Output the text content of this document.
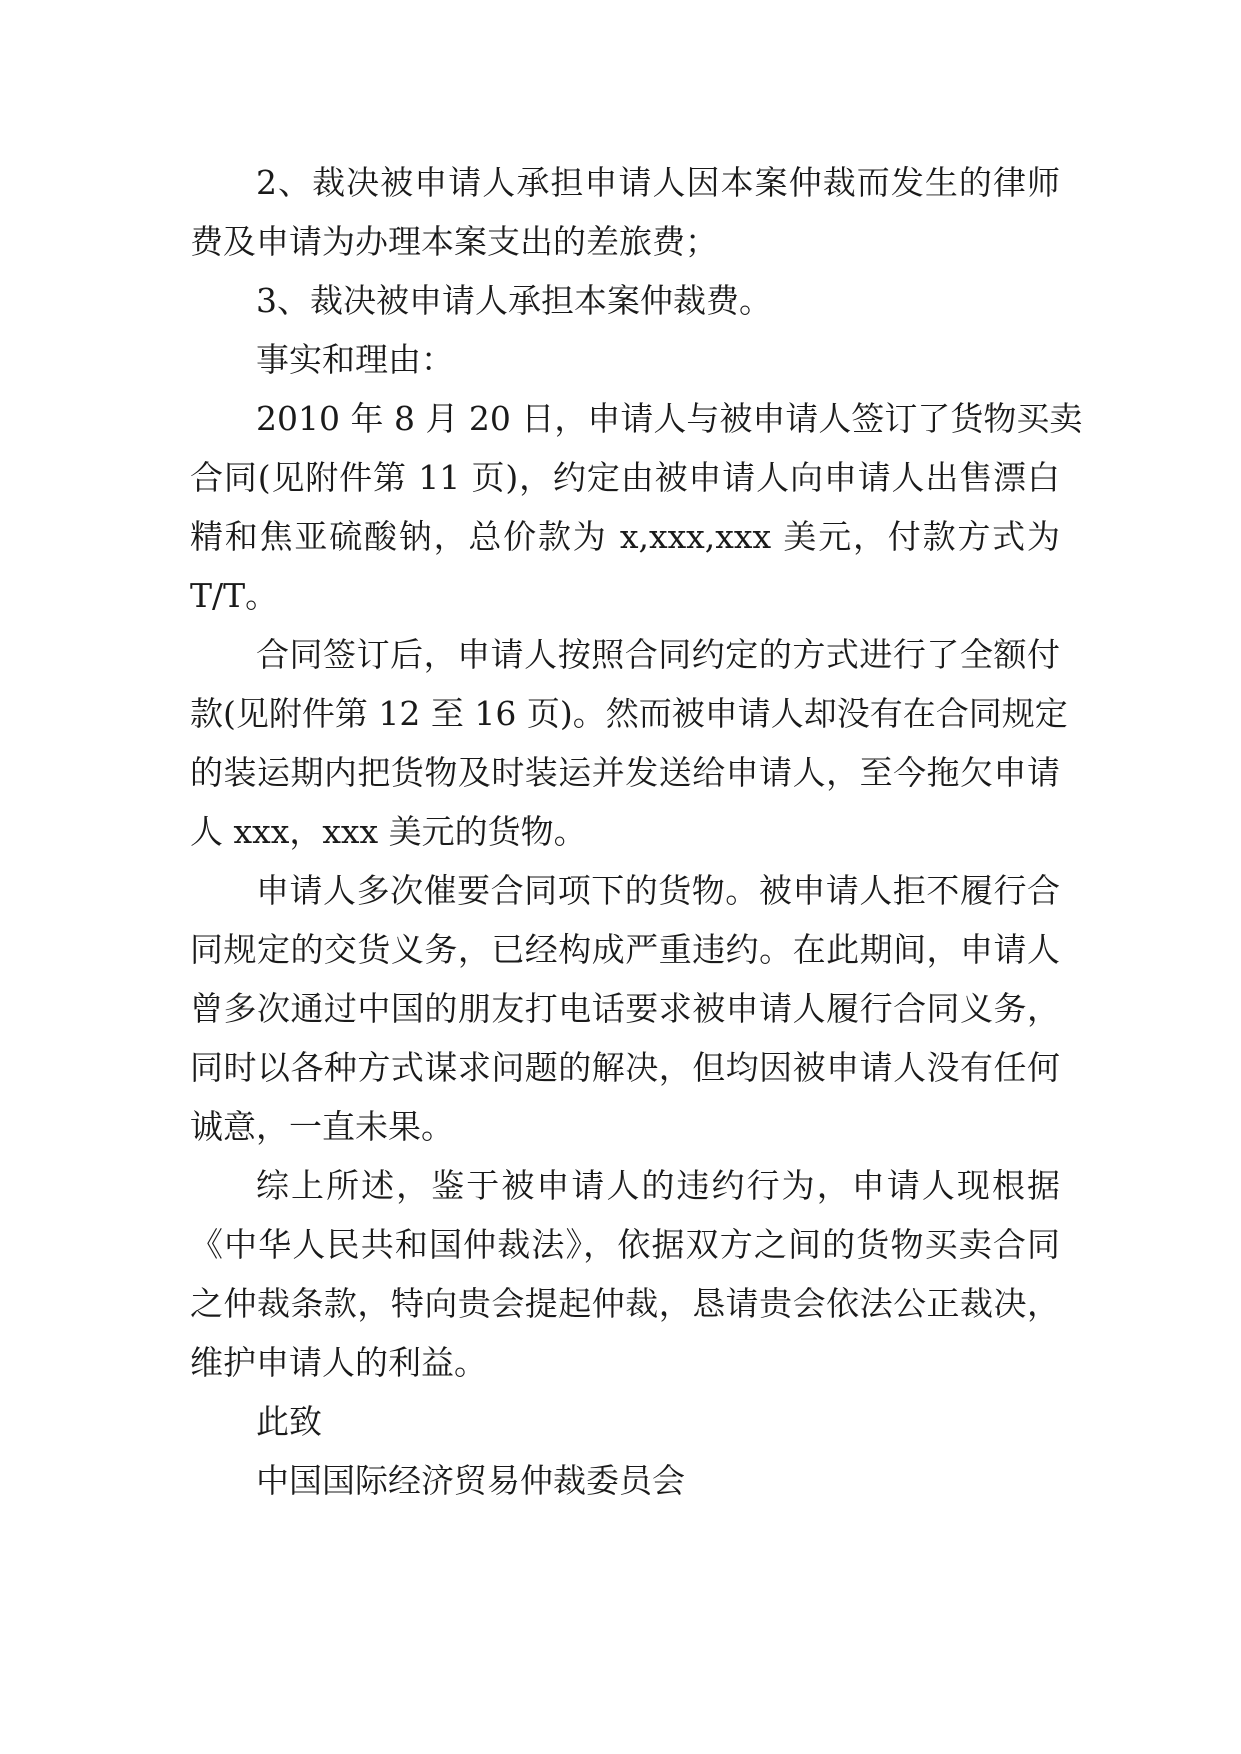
2、裁决被申请人承担申请人因本案仲裁而发生的律师
费及申请为办理本案支出的差旅费；
3、裁决被申请人承担本案仲裁费。
事实和理由：
2010 年 8 月 20 日，申请人与被申请人签订了货物买卖
合同(见附件第 11 页)，约定由被申请人向申请人出售漂白
精和焦亚硫酸钠，总价款为 x,xxx,xxx 美元，付款方式为
T/T。
合同签订后，申请人按照合同约定的方式进行了全额付
款(见附件第 12 至 16 页)。然而被申请人却没有在合同规定
的装运期内把货物及时装运并发送给申请人，至今拖欠申请
人 xxx，xxx 美元的货物。
申请人多次催要合同项下的货物。被申请人拒不履行合
同规定的交货义务，已经构成严重违约。在此期间，申请人
曾多次通过中国的朋友打电话要求被申请人履行合同义务，
同时以各种方式谋求问题的解决，但均因被申请人没有任何
诚意，一直未果。
综上所述，鉴于被申请人的违约行为，申请人现根据
《中华人民共和国仲裁法》，依据双方之间的货物买卖合同
之仲裁条款，特向贵会提起仲裁，恳请贵会依法公正裁决，
维护申请人的利益。
此致
中国国际经济贸易仲裁委员会
